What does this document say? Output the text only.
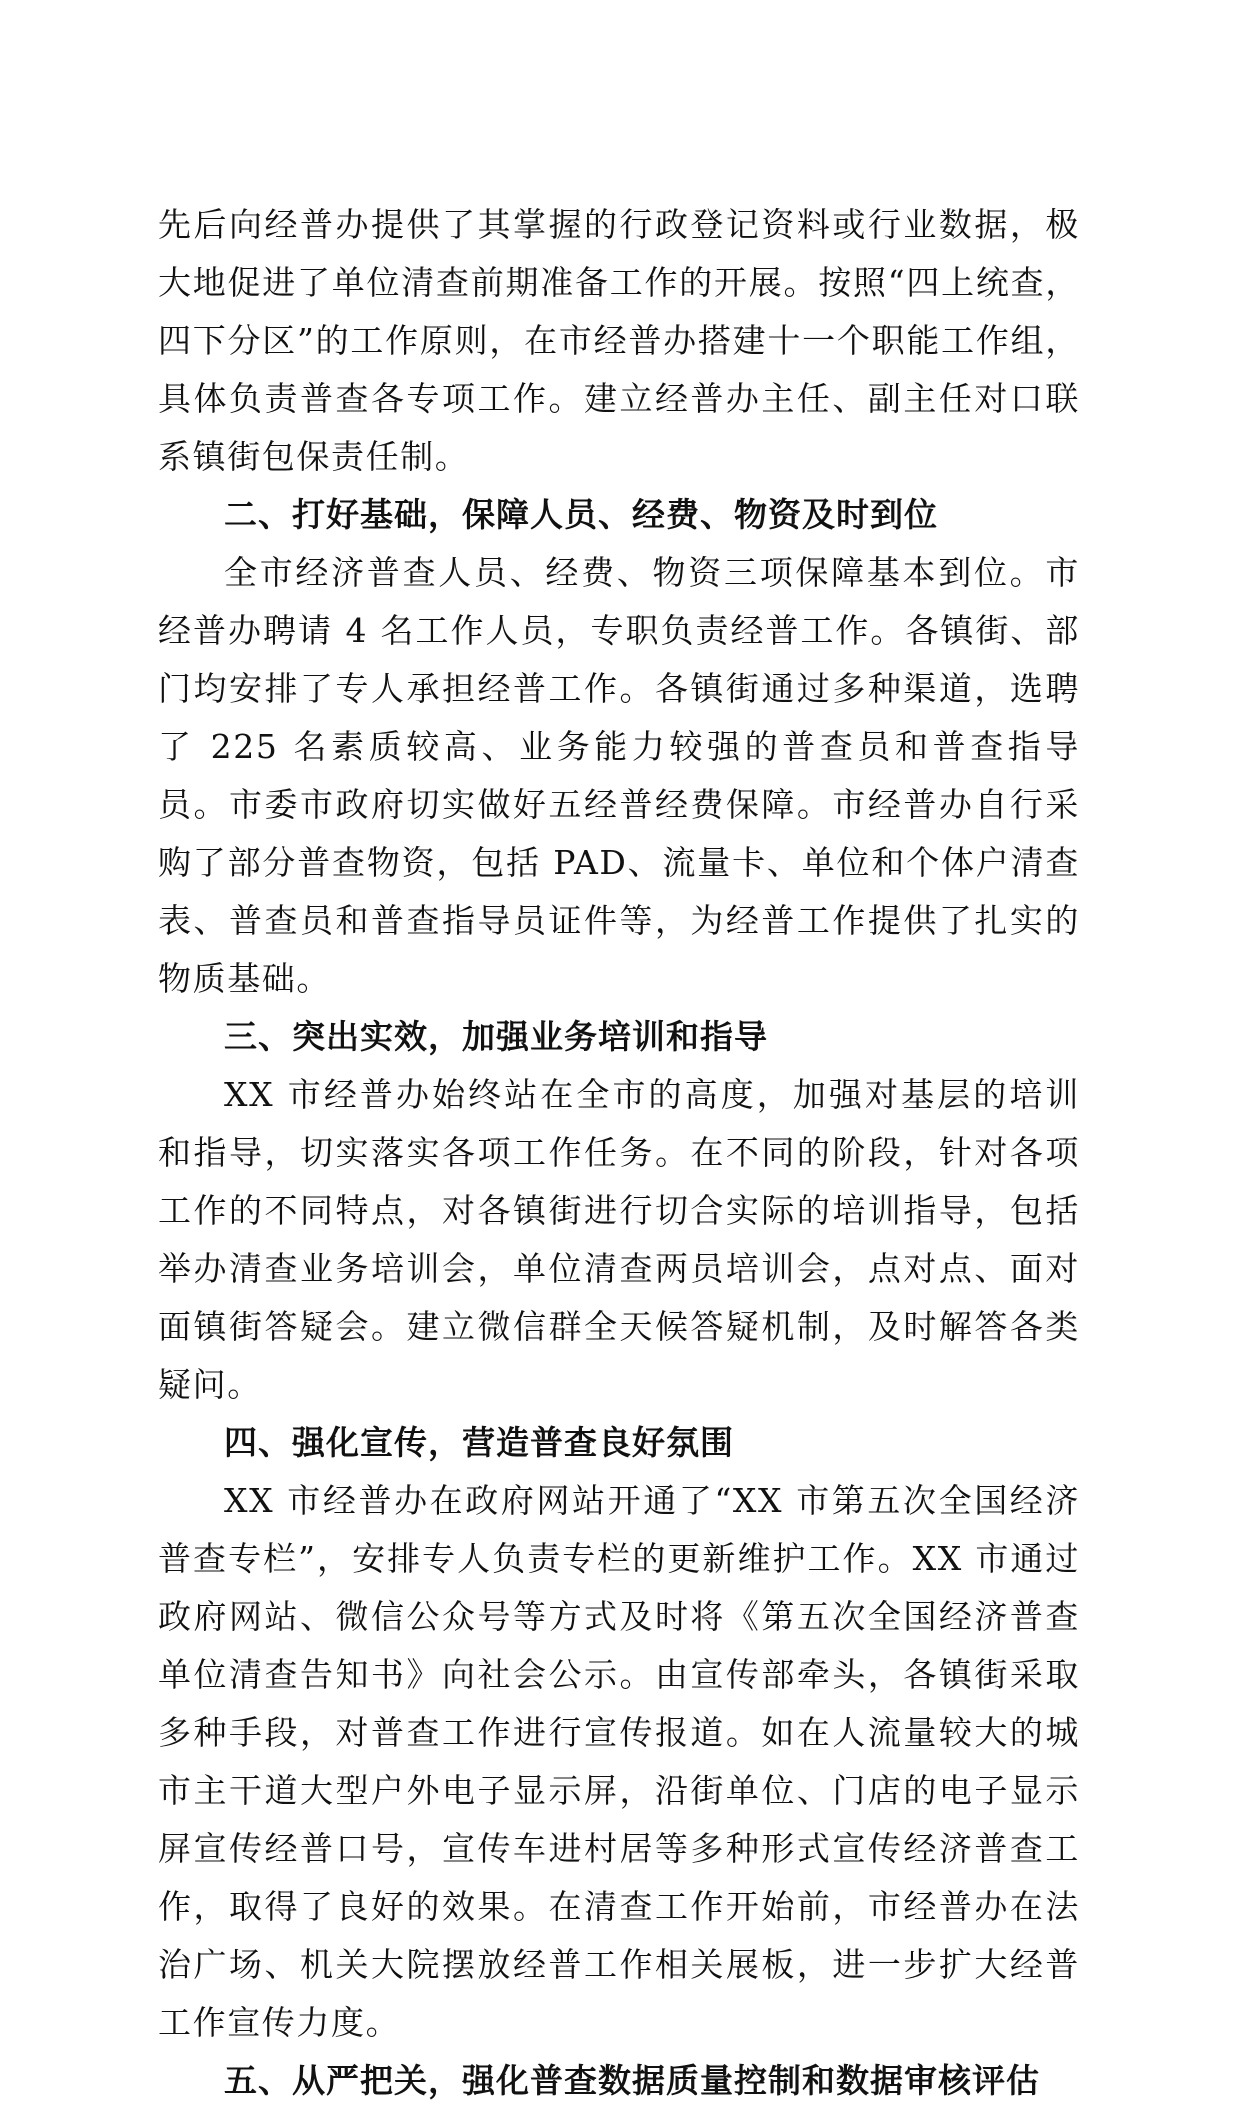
先后向经普办提供了其掌握的行政登记资料或行业数据，极大地促进了单位清查前期准备工作的开展。按照“四上统查，四下分区”的工作原则，在市经普办搭建十一个职能工作组，具体负责普查各专项工作。建立经普办主任、副主任对口联系镇街包保责任制。

二、打好基础，保障人员、经费、物资及时到位

全市经济普查人员、经费、物资三项保障基本到位。市经普办聘请 4 名工作人员，专职负责经普工作。各镇街、部门均安排了专人承担经普工作。各镇街通过多种渠道，选聘了 225 名素质较高、业务能力较强的普查员和普查指导员。市委市政府切实做好五经普经费保障。市经普办自行采购了部分普查物资，包括 PAD、流量卡、单位和个体户清查表、普查员和普查指导员证件等，为经普工作提供了扎实的物质基础。

三、突出实效，加强业务培训和指导

XX 市经普办始终站在全市的高度，加强对基层的培训和指导，切实落实各项工作任务。在不同的阶段，针对各项工作的不同特点，对各镇街进行切合实际的培训指导，包括举办清查业务培训会，单位清查两员培训会，点对点、面对面镇街答疑会。建立微信群全天候答疑机制，及时解答各类疑问。

四、强化宣传，营造普查良好氛围

XX 市经普办在政府网站开通了“XX 市第五次全国经济普查专栏”，安排专人负责专栏的更新维护工作。XX 市通过政府网站、微信公众号等方式及时将《第五次全国经济普查单位清查告知书》向社会公示。由宣传部牵头，各镇街采取多种手段，对普查工作进行宣传报道。如在人流量较大的城市主干道大型户外电子显示屏，沿街单位、门店的电子显示屏宣传经普口号，宣传车进村居等多种形式宣传经济普查工作，取得了良好的效果。在清查工作开始前，市经普办在法治广场、机关大院摆放经普工作相关展板，进一步扩大经普工作宣传力度。

五、从严把关，强化普查数据质量控制和数据审核评估
